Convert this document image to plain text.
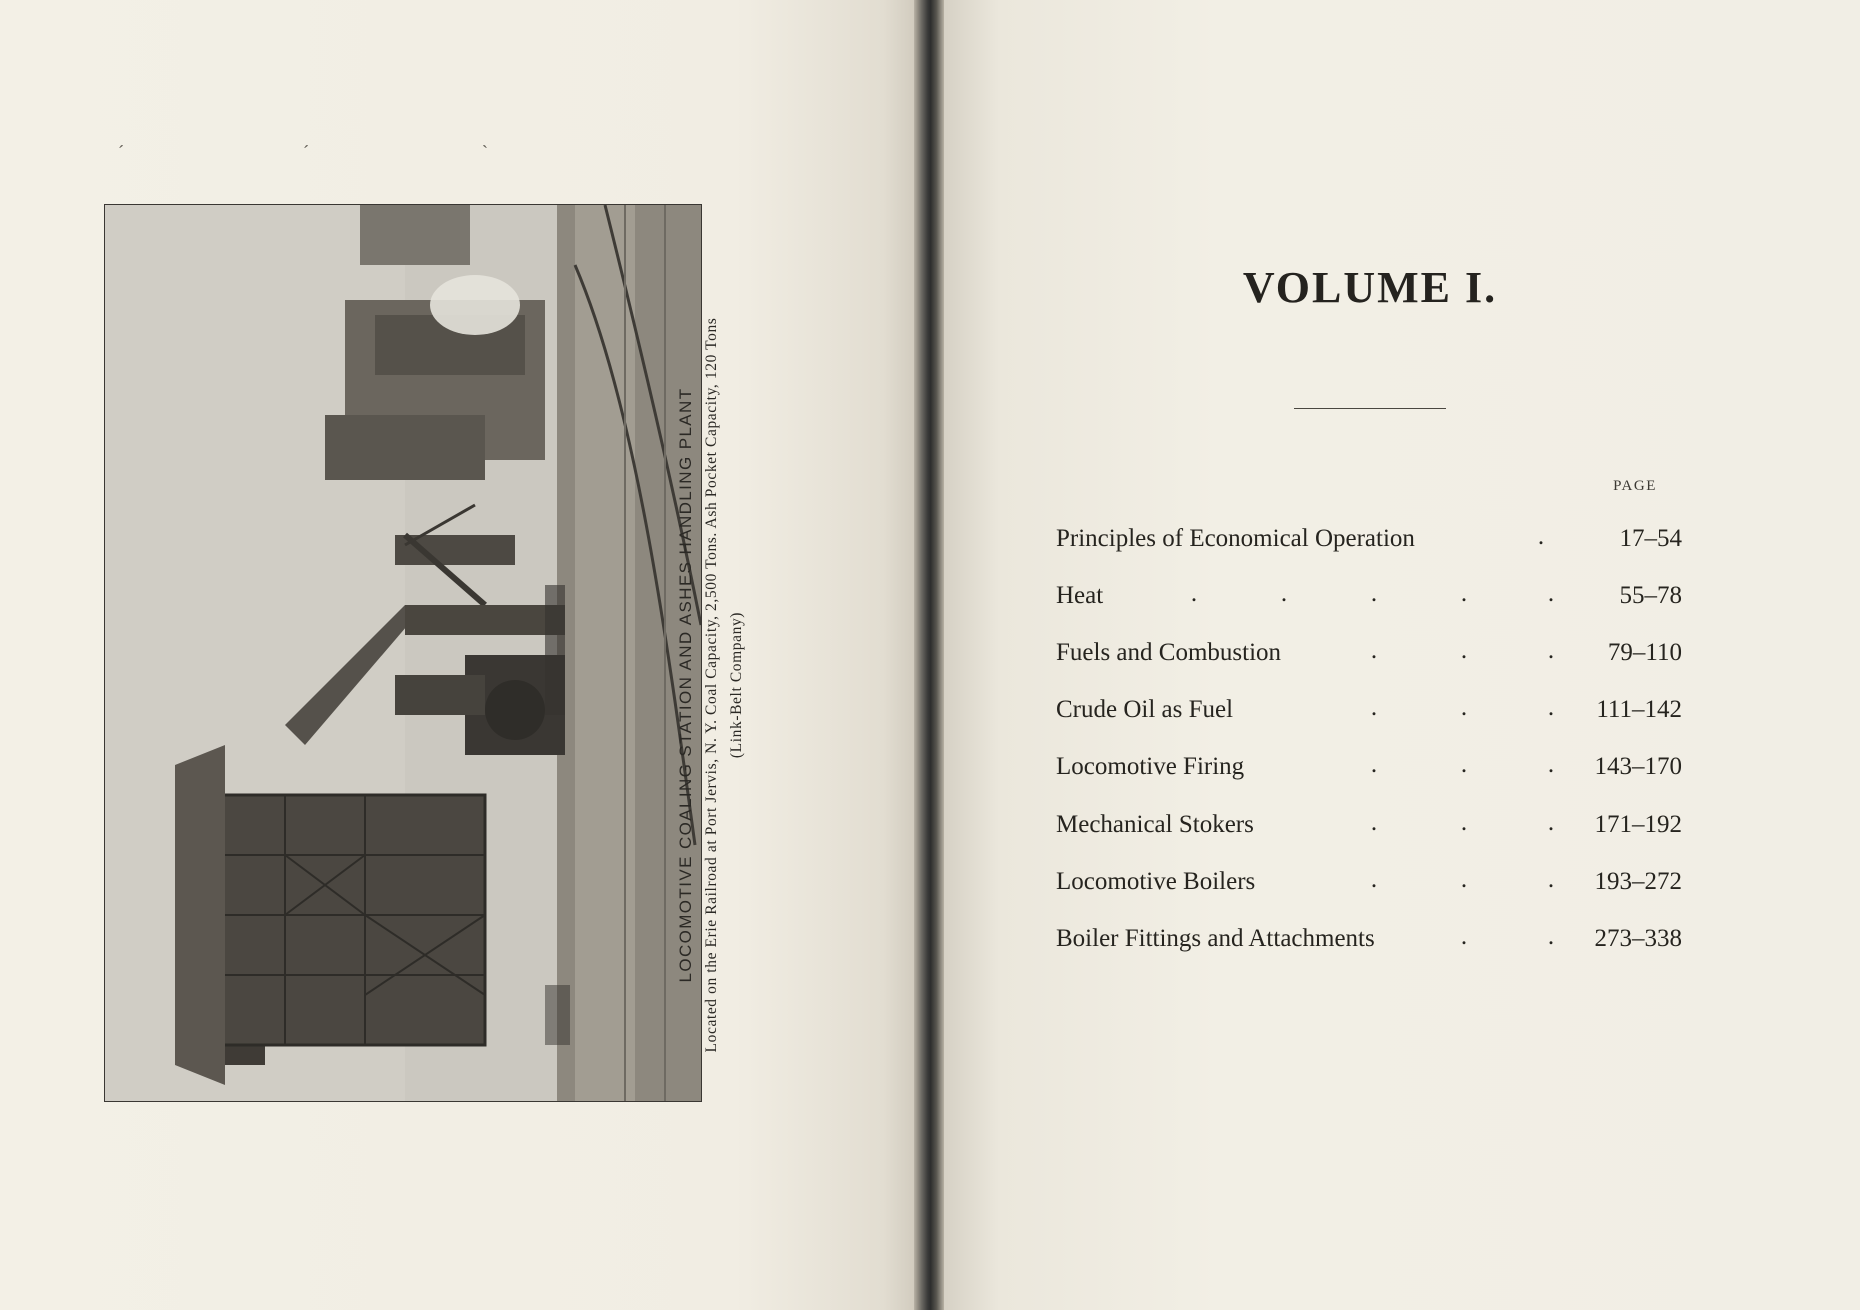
´	´	`
LOCOMOTIVE COALING STATION AND ASHES HANDLING PLANT Located on the Erie Railroad at Port Jervis, N. Y. Coal Capacity, 2,500 Tons. Ash Pocket Capacity, 120 Tons (Link-Belt Company)
VOLUME I.
PAGE
Principles of Economical Operation	.	17–54
Heat	.	.	.	.	.	55–78
Fuels and Combustion	.	.	.	79–110
Crude Oil as Fuel	.	.	.	111–142
Locomotive Firing	.	.	.	143–170
Mechanical Stokers	.	.	.	171–192
Locomotive Boilers	.	.	.	193–272
Boiler Fittings and Attachments	.	.	273–338
